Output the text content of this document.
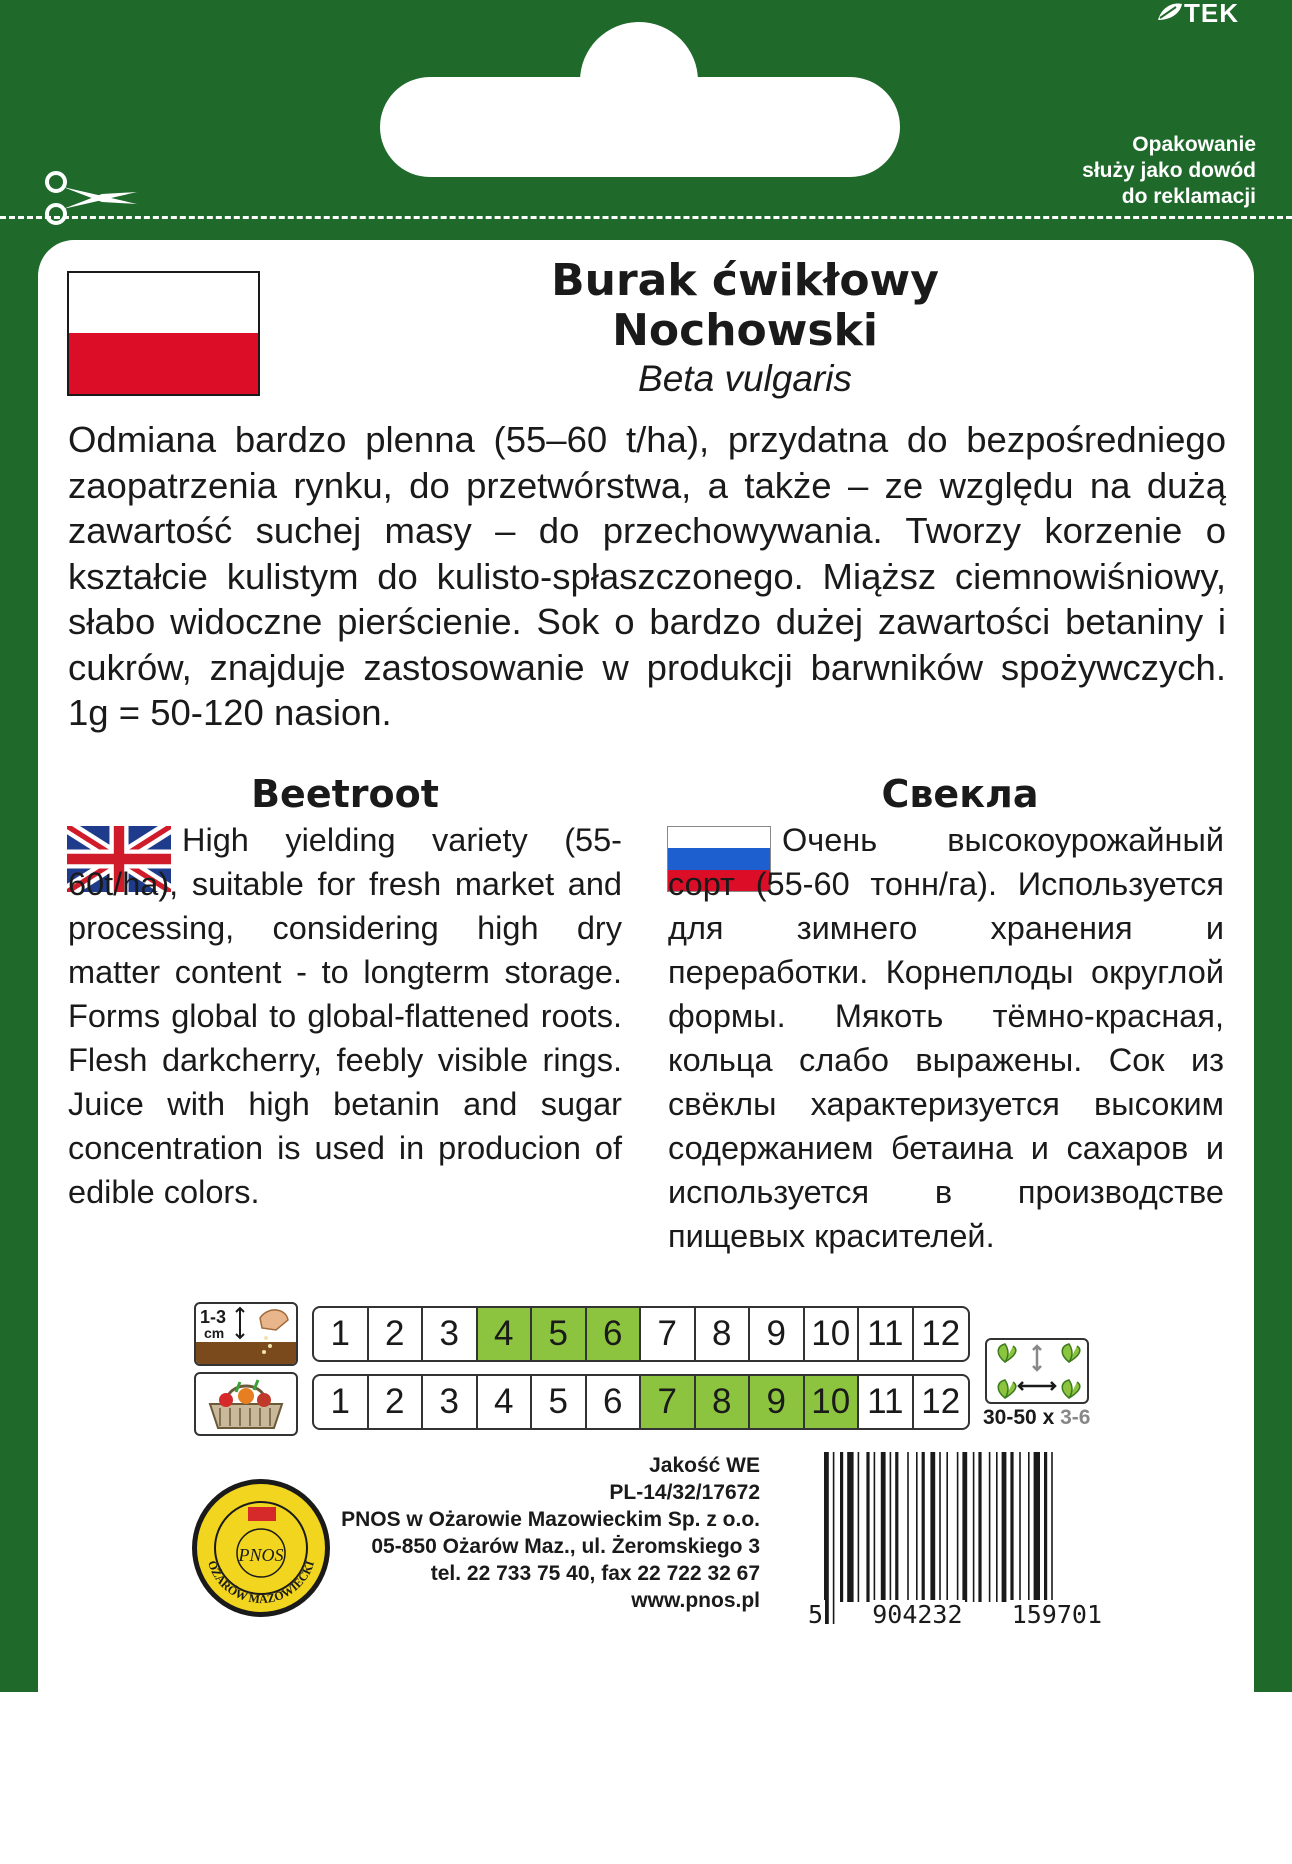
TEK
Opakowanie
służy jako dowód
do reklamacji
Burak ćwikłowy
Nochowski
Beta vulgaris
Odmiana bardzo plenna (55–60 t/ha), przydatna do bezpośredniego zaopatrzenia rynku, do przetwórstwa, a także – ze względu na dużą zawartość suchej masy – do przechowywania. Tworzy korzenie o kształcie kulistym do kulisto-spłaszczonego. Miąższ ciemnowiśniowy, słabo widoczne pierścienie. Sok o bardzo dużej zawartości betaniny i cukrów, znajduje zastosowanie w produkcji barwników spożywczych. 1g = 50-120 nasion.
Beetroot	Свекла
High yielding variety (55-60t/ha), suitable for fresh market and processing, considering high dry matter content - to longterm storage. Forms global to global-flattened roots. Flesh darkcherry, feebly visible rings. Juice with high betanin and sugar concentration is used in producion of edible colors.
Очень высокоурожайный сорт (55-60 тонн/га). Используется для зимнего хранения и переработки. Корнеплоды округлой формы. Мякоть тёмно-красная, кольца слабо выражены. Сок из свёклы характеризуется высоким содержанием бетаина и сахаров и используется в производстве пищевых красителей.
1-3
cm	1	2	3	4	5	6	7	8	9 10 11 12
1	2	3	4	5	6	7	8	9 10 11 12	30-50 x 3-6
OŻARÓW MAZOWIECKI
PNOS
Jakość WE
PL-14/32/17672
PNOS w Ożarowie Mazowieckim Sp. z o.o.
05-850 Ożarów Maz., ul. Żeromskiego 3
tel. 22 733 75 40, fax 22 722 32 67
www.pnos.pl 5 904232 159701
